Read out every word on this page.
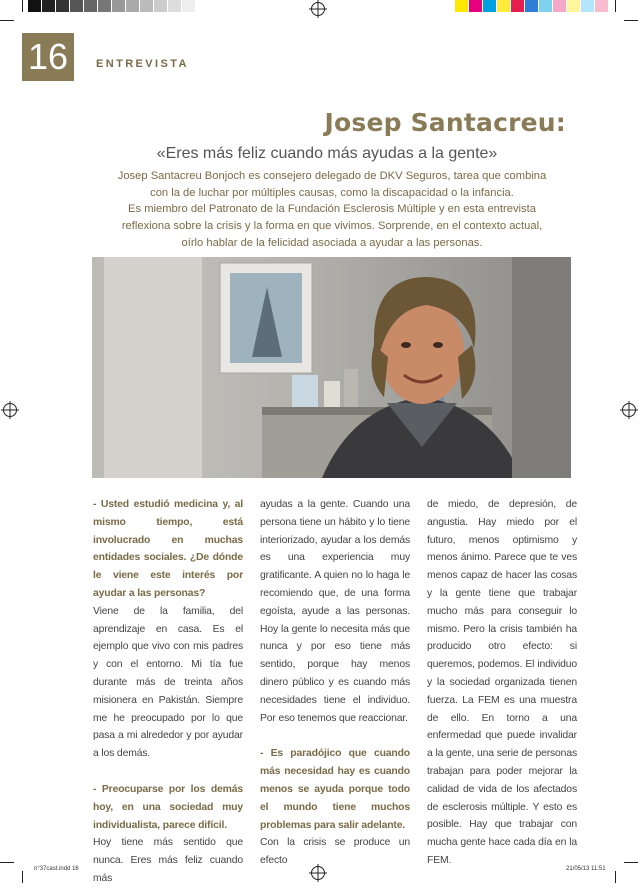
16	ENTREVISTA
Josep Santacreu:
«Eres más feliz cuando más ayudas a la gente»
Josep Santacreu Bonjoch es consejero delegado de DKV Seguros, tarea que combina
con la de luchar por múltiples causas, como la discapacidad o la infancia.
Es miembro del Patronato de la Fundación Esclerosis Múltiple y en esta entrevista
reflexiona sobre la crisis y la forma en que vivimos. Sorprende, en el contexto actual,
oírlo hablar de la felicidad asociada a ayudar a las personas.

- Usted estudió medicina y, al mismo tiempo, está involucrado en muchas entidades sociales. ¿De dónde le viene este interés por ayudar a las personas?

Viene de la familia, del aprendizaje en casa. Es el ejemplo que vivo con mis padres y con el entorno. Mi tía fue durante más de treinta años misionera en Pakistán. Siempre me he preocupado por lo que pasa a mi alrededor y por ayudar a los demás.

- Preocuparse por los demás hoy, en una sociedad muy individualista, parece difícil.

Hoy tiene más sentido que nunca. Eres más feliz cuando más

ayudas a la gente. Cuando una persona tiene un hábito y lo tiene interiorizado, ayudar a los demás es una experiencia muy gratificante. A quien no lo haga le recomiendo que, de una forma egoísta, ayude a las personas. Hoy la gente lo necesita más que nunca y por eso tiene más sentido, porque hay menos dinero público y es cuando más necesidades tiene el individuo. Por eso tenemos que reaccionar.

- Es paradójico que cuando más necesidad hay es cuando menos se ayuda porque todo el mundo tiene muchos problemas para salir adelante.

Con la crisis se produce un efecto

de miedo, de depresión, de angustia. Hay miedo por el futuro, menos optimismo y menos ánimo. Parece que te ves menos capaz de hacer las cosas y la gente tiene que trabajar mucho más para conseguir lo mismo. Pero la crisis también ha producido otro efecto: si queremos, podemos. El individuo y la sociedad organizada tienen fuerza. La FEM es una muestra de ello. En torno a una enfermedad que puede invalidar a la gente, una serie de personas trabajan para poder mejorar la calidad de vida de los afectados de esclerosis múltiple. Y esto es posible. Hay que trabajar con mucha gente hace cada día en la FEM.

n°37cast.indd 16	21/05/13 11:51
